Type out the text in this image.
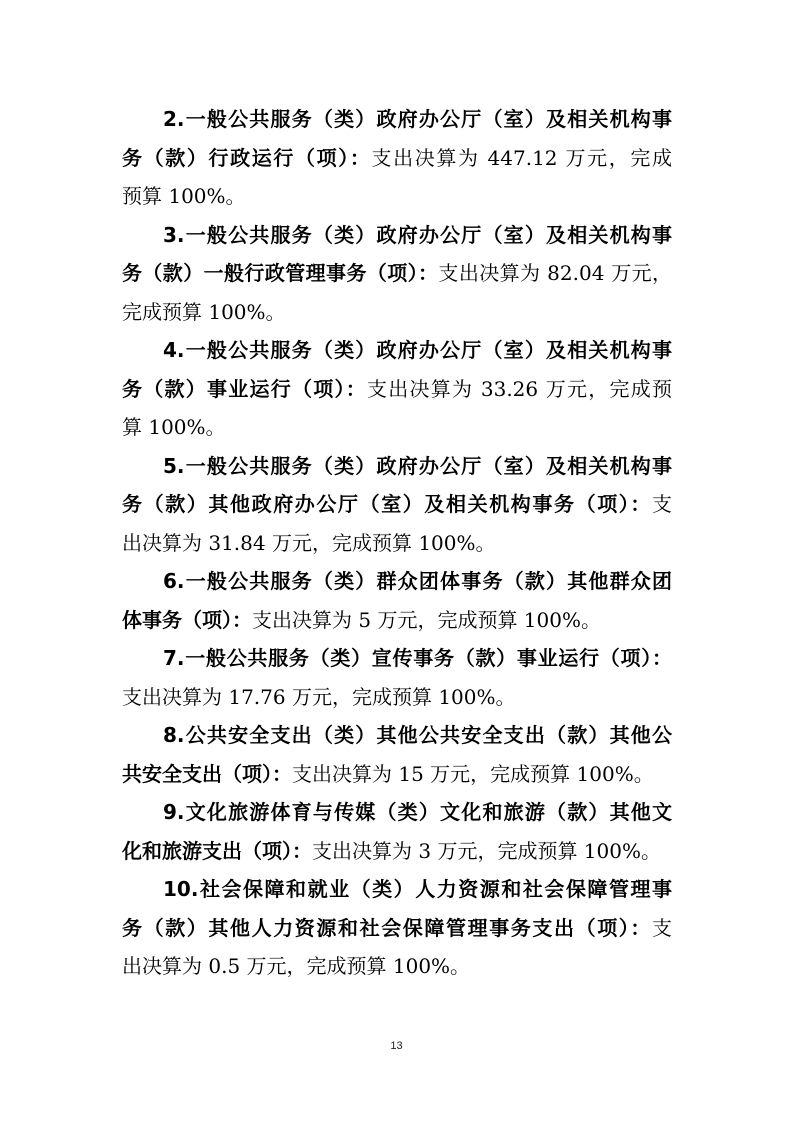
2.一般公共服务（类）政府办公厅（室）及相关机构事
务（款）行政运行（项）：支出决算为 447.12 万元，完成
预算 100%。
3.一般公共服务（类）政府办公厅（室）及相关机构事
务（款）一般行政管理事务（项）：支出决算为 82.04 万元，
完成预算 100%。
4.一般公共服务（类）政府办公厅（室）及相关机构事
务（款）事业运行（项）：支出决算为 33.26 万元，完成预
算 100%。
5.一般公共服务（类）政府办公厅（室）及相关机构事
务（款）其他政府办公厅（室）及相关机构事务（项）：支
出决算为 31.84 万元，完成预算 100%。
6.一般公共服务（类）群众团体事务（款）其他群众团
体事务（项）：支出决算为 5 万元，完成预算 100%。
7.一般公共服务（类）宣传事务（款）事业运行（项）：
支出决算为 17.76 万元，完成预算 100%。
8.公共安全支出（类）其他公共安全支出（款）其他公
共安全支出（项）：支出决算为 15 万元，完成预算 100%。
9.文化旅游体育与传媒（类）文化和旅游（款）其他文
化和旅游支出（项）：支出决算为 3 万元，完成预算 100%。
10.社会保障和就业（类）人力资源和社会保障管理事
务（款）其他人力资源和社会保障管理事务支出（项）：支
出决算为 0.5 万元，完成预算 100%。
13
